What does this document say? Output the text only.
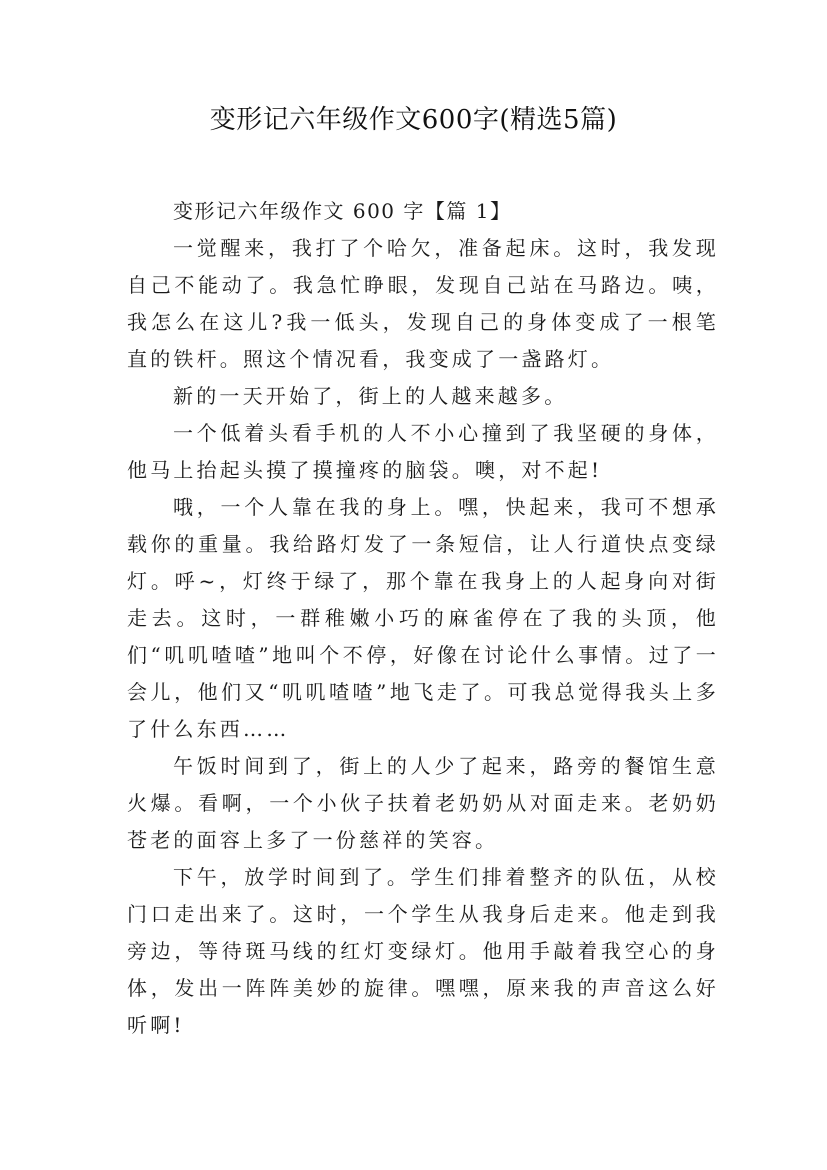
变形记六年级作文600字(精选5篇)

变形记六年级作文 600 字【篇 1】

一觉醒来，我打了个哈欠，准备起床。这时，我发现自己不能动了。我急忙睁眼，发现自己站在马路边。咦，我怎么在这儿?我一低头，发现自己的身体变成了一根笔直的铁杆。照这个情况看，我变成了一盏路灯。

新的一天开始了，街上的人越来越多。

一个低着头看手机的人不小心撞到了我坚硬的身体，他马上抬起头摸了摸撞疼的脑袋。噢，对不起!

哦，一个人靠在我的身上。嘿，快起来，我可不想承载你的重量。我给路灯发了一条短信，让人行道快点变绿灯。呼~，灯终于绿了，那个靠在我身上的人起身向对街走去。这时，一群稚嫩小巧的麻雀停在了我的头顶，他们“叽叽喳喳”地叫个不停，好像在讨论什么事情。过了一会儿，他们又“叽叽喳喳”地飞走了。可我总觉得我头上多了什么东西……

午饭时间到了，街上的人少了起来，路旁的餐馆生意火爆。看啊，一个小伙子扶着老奶奶从对面走来。老奶奶苍老的面容上多了一份慈祥的笑容。

下午，放学时间到了。学生们排着整齐的队伍，从校门口走出来了。这时，一个学生从我身后走来。他走到我旁边，等待斑马线的红灯变绿灯。他用手敲着我空心的身体，发出一阵阵美妙的旋律。嘿嘿，原来我的声音这么好听啊!
